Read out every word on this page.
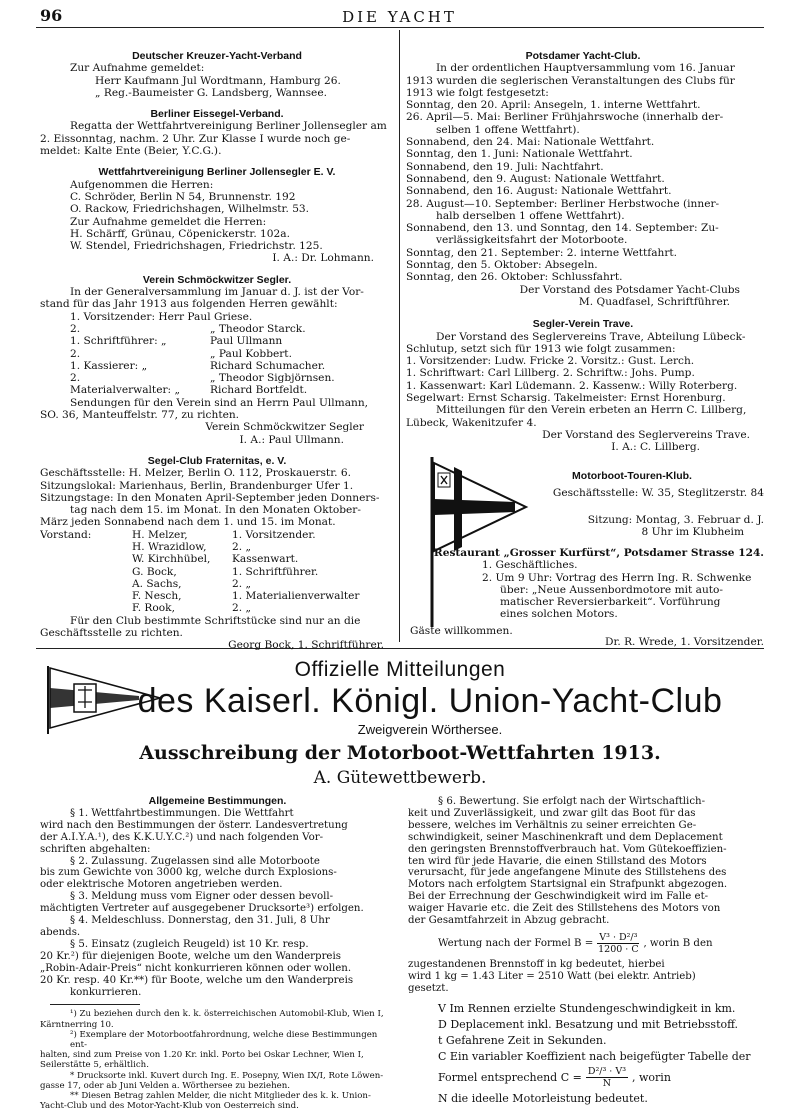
96	DIE YACHT
Deutscher Kreuzer-Yacht-Verband
Zur Aufnahme gemeldet:
Herr Kaufmann Jul Wordtmann, Hamburg 26.
„ Reg.-Baumeister G. Landsberg, Wannsee.
Berliner Eissegel-Verband.
Regatta der Wettfahrtvereinigung Berliner Jollensegler am
2. Eissonntag, nachm. 2 Uhr. Zur Klasse I wurde noch ge-
meldet: Kalte Ente (Beier, Y.C.G.).
Wettfahrtvereinigung Berliner Jollensegler E. V.
Aufgenommen die Herren:
C. Schröder, Berlin N 54, Brunnenstr. 192
O. Rackow, Friedrichshagen, Wilhelmstr. 53.
Zur Aufnahme gemeldet die Herren:
H. Schärff, Grünau, Cöpenickerstr. 102a.
W. Stendel, Friedrichshagen, Friedrichstr. 125.
I. A.: Dr. Lohmann.
Verein Schmöckwitzer Segler.
In der Generalversammlung im Januar d. J. ist der Vor-
stand für das Jahr 1913 aus folgenden Herren gewählt:
1. Vorsitzender: Herr Paul Griese.
2.	„ Theodor Starck.
1. Schriftführer: „	Paul Ullmann
2.	„ Paul Kobbert.
1. Kassierer: „	Richard Schumacher.
2.	„ Theodor Sigbjörnsen.
Materialverwalter: „	Richard Bortfeldt.
Sendungen für den Verein sind an Herrn Paul Ullmann,
SO. 36, Manteuffelstr. 77, zu richten.
Verein Schmöckwitzer Segler
I. A.: Paul Ullmann.
Segel-Club Fraternitas, e. V.
Geschäftsstelle: H. Melzer, Berlin O. 112, Proskauerstr. 6.
Sitzungslokal: Marienhaus, Berlin, Brandenburger Ufer 1.
Sitzungstage: In den Monaten April-September jeden Donners-
tag nach dem 15. im Monat. In den Monaten Oktober-
März jeden Sonnabend nach dem 1. und 15. im Monat.
Vorstand:	H. Melzer,	1. Vorsitzender.
H. Wrazidlow, 2. „
W. Kirchhübel, Kassenwart.
G. Bock,	1. Schriftführer.
A. Sachs,	2. „
F. Nesch,	1. Materialienverwalter
F. Rook,	2. „
Für den Club bestimmte Schriftstücke sind nur an die
Geschäftsstelle zu richten.
Georg Bock, 1. Schriftführer.
Potsdamer Yacht-Club.
In der ordentlichen Hauptversammlung vom 16. Januar
1913 wurden die seglerischen Veranstaltungen des Clubs für
1913 wie folgt festgesetzt:
Sonntag, den 20. April: Ansegeln, 1. interne Wettfahrt.
26. April—5. Mai: Berliner Frühjahrswoche (innerhalb der-
selben 1 offene Wettfahrt).
Sonnabend, den 24. Mai: Nationale Wettfahrt.
Sonntag, den 1. Juni: Nationale Wettfahrt.
Sonnabend, den 19. Juli: Nachtfahrt.
Sonnabend, den 9. August: Nationale Wettfahrt.
Sonnabend, den 16. August: Nationale Wettfahrt.
28. August—10. September: Berliner Herbstwoche (inner-
halb derselben 1 offene Wettfahrt).
Sonnabend, den 13. und Sonntag, den 14. September: Zu-
verlässigkeitsfahrt der Motorboote.
Sonntag, den 21. September: 2. interne Wettfahrt.
Sonntag, den 5. Oktober: Absegeln.
Sonntag, den 26. Oktober: Schlussfahrt.
Der Vorstand des Potsdamer Yacht-Clubs
M. Quadfasel, Schriftführer.
Segler-Verein Trave.
Der Vorstand des Seglervereins Trave, Abteilung Lübeck-
Schlutup, setzt sich für 1913 wie folgt zusammen:
1. Vorsitzender: Ludw. Fricke 2. Vorsitz.: Gust. Lerch.
1. Schriftwart: Carl Lillberg. 2. Schriftw.: Johs. Pump.
1. Kassenwart: Karl Lüdemann. 2. Kassenw.: Willy Roterberg.
Segelwart: Ernst Scharsig. Takelmeister: Ernst Horenburg.
Mitteilungen für den Verein erbeten an Herrn C. Lillberg,
Lübeck, Wakenitzufer 4.
Der Vorstand des Seglervereins Trave.
I. A.: C. Lillberg.
Motorboot-Touren-Klub.
Geschäftsstelle: W. 35, Steglitzerstr. 84
Sitzung: Montag, 3. Februar d. J.
8 Uhr im Klubheim
Restaurant „Grosser Kurfürst“, Potsdamer Strasse 124.
1. Geschäftliches.
2. Um 9 Uhr: Vortrag des Herrn Ing. R. Schwenke
über: „Neue Aussenbordmotore mit auto-
matischer Reversierbarkeit“. Vorführung
eines solchen Motors.
Gäste willkommen.
Dr. R. Wrede, 1. Vorsitzender.
Offizielle Mitteilungen
des Kaiserl. Königl. Union-Yacht-Club
Zweigverein Wörthersee.
Ausschreibung der Motorboot-Wettfahrten 1913.
A. Gütewettbewerb.
Allgemeine Bestimmungen.
§ 1. Wettfahrtbestimmungen. Die Wettfahrt
wird nach den Bestimmungen der österr. Landesvertretung
der A.I.Y.A.¹), des K.K.U.Y.C.²) und nach folgenden Vor-
schriften abgehalten:
§ 2. Zulassung. Zugelassen sind alle Motorboote
bis zum Gewichte von 3000 kg, welche durch Explosions-
oder elektrische Motoren angetrieben werden.
§ 3. Meldung muss vom Eigner oder dessen bevoll-
mächtigten Vertreter auf ausgegebener Drucksorte³) erfolgen.
§ 4. Meldeschluss. Donnerstag, den 31. Juli, 8 Uhr
abends.
§ 5. Einsatz (zugleich Reugeld) ist 10 Kr. resp.
20 Kr.²) für diejenigen Boote, welche um den Wanderpreis
„Robin-Adair-Preis“ nicht konkurrieren können oder wollen.
20 Kr. resp. 40 Kr.**) für Boote, welche um den Wanderpreis
konkurrieren.
¹) Zu beziehen durch den k. k. österreichischen Automobil-Klub, Wien I,
Kärntnerring 10.
²) Exemplare der Motorbootfahrordnung, welche diese Bestimmungen ent-
halten, sind zum Preise von 1.20 Kr. inkl. Porto bei Oskar Lechner, Wien I,
Seilerstätte 5, erhältlich.
* Drucksorte inkl. Kuvert durch Ing. E. Posepny, Wien IX/I, Rote Löwen-
gasse 17, oder ab Juni Velden a. Wörthersee zu beziehen.
** Diesen Betrag zahlen Melder, die nicht Mitglieder des k. k. Union-
Yacht-Club und des Motor-Yacht-Klub von Oesterreich sind.
§ 6. Bewertung. Sie erfolgt nach der Wirtschaftlich-
keit und Zuverlässigkeit, und zwar gilt das Boot für das
bessere, welches im Verhältnis zu seiner erreichten Ge-
schwindigkeit, seiner Maschinenkraft und dem Deplacement
den geringsten Brennstoffverbrauch hat. Vom Gütekoeffizien-
ten wird für jede Havarie, die einen Stillstand des Motors
verursacht, für jede angefangene Minute des Stillstehens des
Motors nach erfolgtem Startsignal ein Strafpunkt abgezogen.
Bei der Errechnung der Geschwindigkeit wird im Falle et-
waiger Havarie etc. die Zeit des Stillstehens des Motors von
der Gesamtfahrzeit in Abzug gebracht.
Wertung nach der Formel $B = \frac{\text{V³ · D²/³}}{1200 \cdot C}$ , worin B den
zugestandenen Brennstoff in kg bedeutet, hierbei
wird 1 kg = 1.43 Liter = 2510 Watt (bei elektr. Antrieb)
gesetzt.
V Im Rennen erzielte Stundengeschwindigkeit in km.
D Deplacement inkl. Besatzung und mit Betriebsstoff.
t Gefahrene Zeit in Sekunden.
C Ein variabler Koeffizient nach beigefügter Tabelle der
Formel entsprechend $C = \frac{\text{D²/³ · V³}}{N}$ , worin
N die ideelle Motorleistung bedeutet.
